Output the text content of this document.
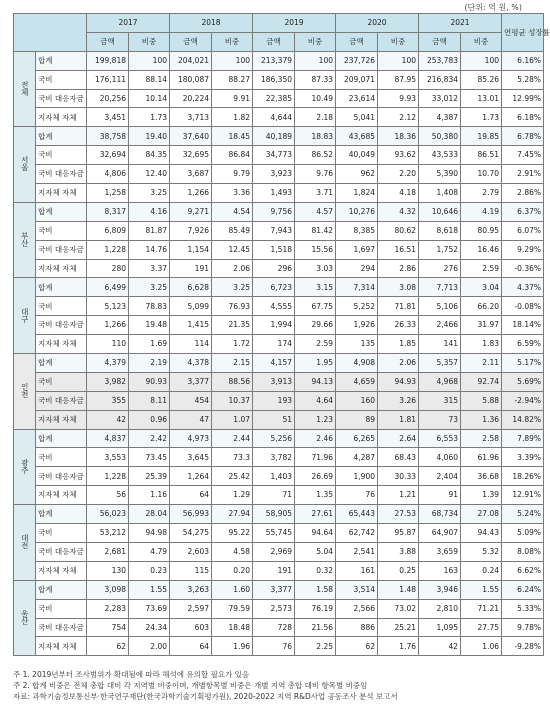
(단위: 억 원, %)
		2017		2018		2019		2020		2021		연평균 성장률
		금액	비중	금액	비중	금액	비중	금액	비중	금액	비중	
전체	합계	199,818	100	204,021	100	213,379	100	237,726	100	253,783	100	6.16%
	국비	176,111	88.14	180,087	88.27	186,350	87.33	209,071	87.95	216,834	85.26	5.28%
	국비 대응자금	20,256	10.14	20,224	9.91	22,385	10.49	23,614	9.93	33,012	13.01	12.99%
	지자체 자체	3,451	1.73	3,713	1.82	4,644	2.18	5,041	2.12	4,387	1.73	6.18%
서울	합계	38,758	19.40	37,640	18.45	40,189	18.83	43,685	18.36	50,380	19.85	6.78%
	국비	32,694	84.35	32,695	86.84	34,773	86.52	40,049	93.62	43,533	86.51	7.45%
	국비 대응자금	4,806	12.40	3,687	9.79	3,923	9.76	962	2.20	5,390	10.70	2.91%
	지자체 자체	1,258	3.25	1,266	3.36	1,493	3.71	1,824	4.18	1,408	2.79	2.86%
부산	합계	8,317	4.16	9,271	4.54	9,756	4.57	10,276	4.32	10,646	4.19	6.37%
	국비	6,809	81.87	7,926	85.49	7,943	81.42	8,385	80.62	8,618	80.95	6.07%
	국비 대응자금	1,228	14.76	1,154	12.45	1,518	15.56	1,697	16.51	1,752	16.46	9.29%
	지자체 자체	280	3.37	191	2.06	296	3.03	294	2.86	276	2.59	-0.36%
대구	합계	6,499	3.25	6,628	3.25	6,723	3.15	7,314	3.08	7,713	3.04	4.37%
	국비	5,123	78.83	5,099	76.93	4,555	67.75	5,252	71.81	5,106	66.20	-0.08%
	국비 대응자금	1,266	19.48	1,415	21.35	1,994	29.66	1,926	26.33	2,466	31.97	18.14%
	지자체 자체	110	1.69	114	1.72	174	2.59	135	1.85	141	1.83	6.59%
인천	합계	4,379	2.19	4,378	2.15	4,157	1.95	4,908	2.06	5,357	2.11	5.17%
	국비	3,982	90.93	3,377	88.56	3,913	94.13	4,659	94.93	4,968	92.74	5.69%
	국비 대응자금	355	8.11	454	10.37	193	4.64	160	3.26	315	5.88	-2.94%
	지자체 자체	42	0.96	47	1.07	51	1.23	89	1.81	73	1.36	14.82%
광주	합계	4,837	2.42	4,973	2.44	5,256	2.46	6,265	2.64	6,553	2.58	7.89%
	국비	3,553	73.45	3,645	73.3	3,782	71.96	4,287	68.43	4,060	61.96	3.39%
	국비 대응자금	1,228	25.39	1,264	25.42	1,403	26.69	1,900	30.33	2,404	36.68	18.26%
	지자체 자체	56	1.16	64	1.29	71	1.35	76	1.21	91	1.39	12.91%
대전	합계	56,023	28.04	56,993	27.94	58,905	27.61	65,443	27.53	68,734	27.08	5.24%
	국비	53,212	94.98	54,275	95.22	55,745	94.64	62,742	95.87	64,907	94.43	5.09%
	국비 대응자금	2,681	4.79	2,603	4.58	2,969	5.04	2,541	3.88	3,659	5.32	8.08%
	지자체 자체	130	0.23	115	0.20	191	0.32	161	0.25	163	0.24	6.62%
울산	합계	3,098	1.55	3,263	1.60	3,377	1.58	3,514	1.48	3,946	1.55	6.24%
	국비	2,283	73.69	2,597	79.59	2,573	76.19	2,566	73.02	2,810	71.21	5.33%
	국비 대응자금	754	24.34	603	18.48	728	21.56	886	25.21	1,095	27.75	9.78%
	지자체 자체	62	2.00	64	1.96	76	2.25	62	1.76	42	1.06	-9.28%
주 1. 2019년부터 조사범위가 확대됨에 따라 해석에 유의할 필요가 있음
주 2. 합계 비중은 전체 총합 대비 각 지역별 비중이며, 개별항목별 비중은 개별 지역 총합 대비 항목별 비중임
자료: 과학기술정보통신부·한국연구재단(한국과학기술기획평가원), 2020-2022 지역 R&D사업 공동조사 분석 보고서
